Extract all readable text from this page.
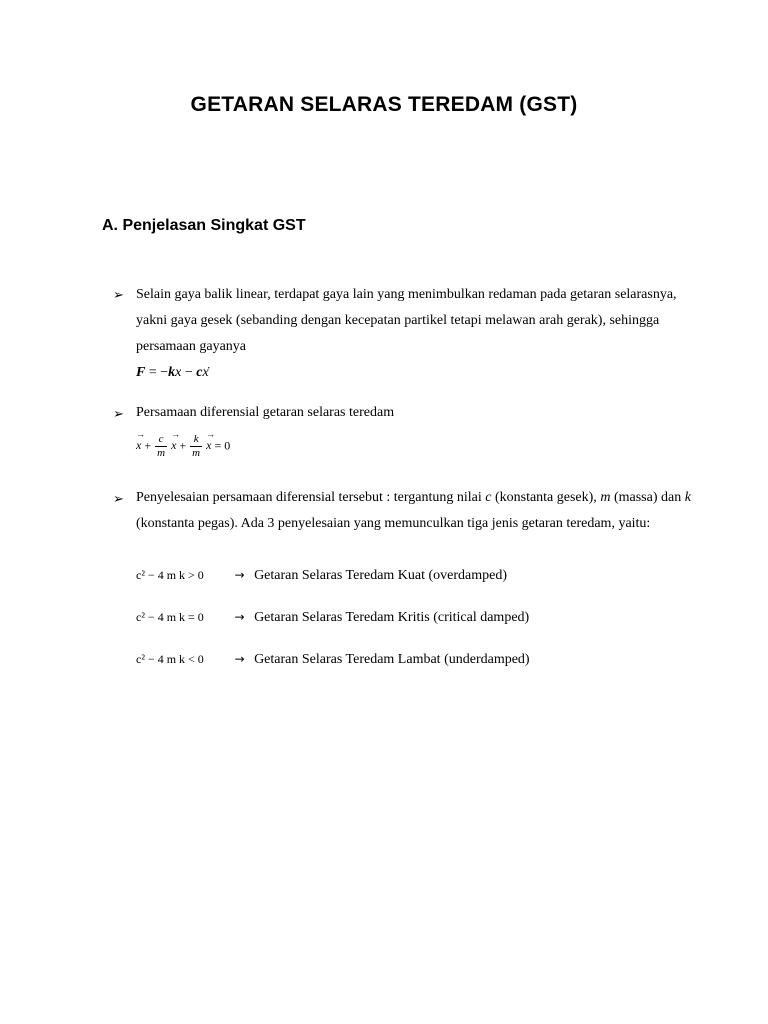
GETARAN SELARAS TEREDAM (GST)
A. Penjelasan Singkat GST
➢ Selain gaya balik linear, terdapat gaya lain yang menimbulkan redaman pada getaran selarasnya, yakni gaya gesek (sebanding dengan kecepatan partikel tetapi melawan arah gerak), sehingga persamaan gayanya
F = −kx − cx
➢ Persamaan diferensial getaran selaras teredam
→ $x + \frac{c}{m}$
→ $x + \frac{k}{m}$
→ x = 0
➢ Penyelesaian persamaan diferensial tersebut : tergantung nilai c (konstanta gesek), m (massa) dan k (konstanta pegas). Ada 3 penyelesaian yang memunculkan tiga jenis getaran teredam, yaitu:
c² − 4 m k > 0	→ Getaran Selaras Teredam Kuat (overdamped)
c² − 4 m k = 0	→ Getaran Selaras Teredam Kritis (critical damped)
c² − 4 m k < 0	→ Getaran Selaras Teredam Lambat (underdamped)
